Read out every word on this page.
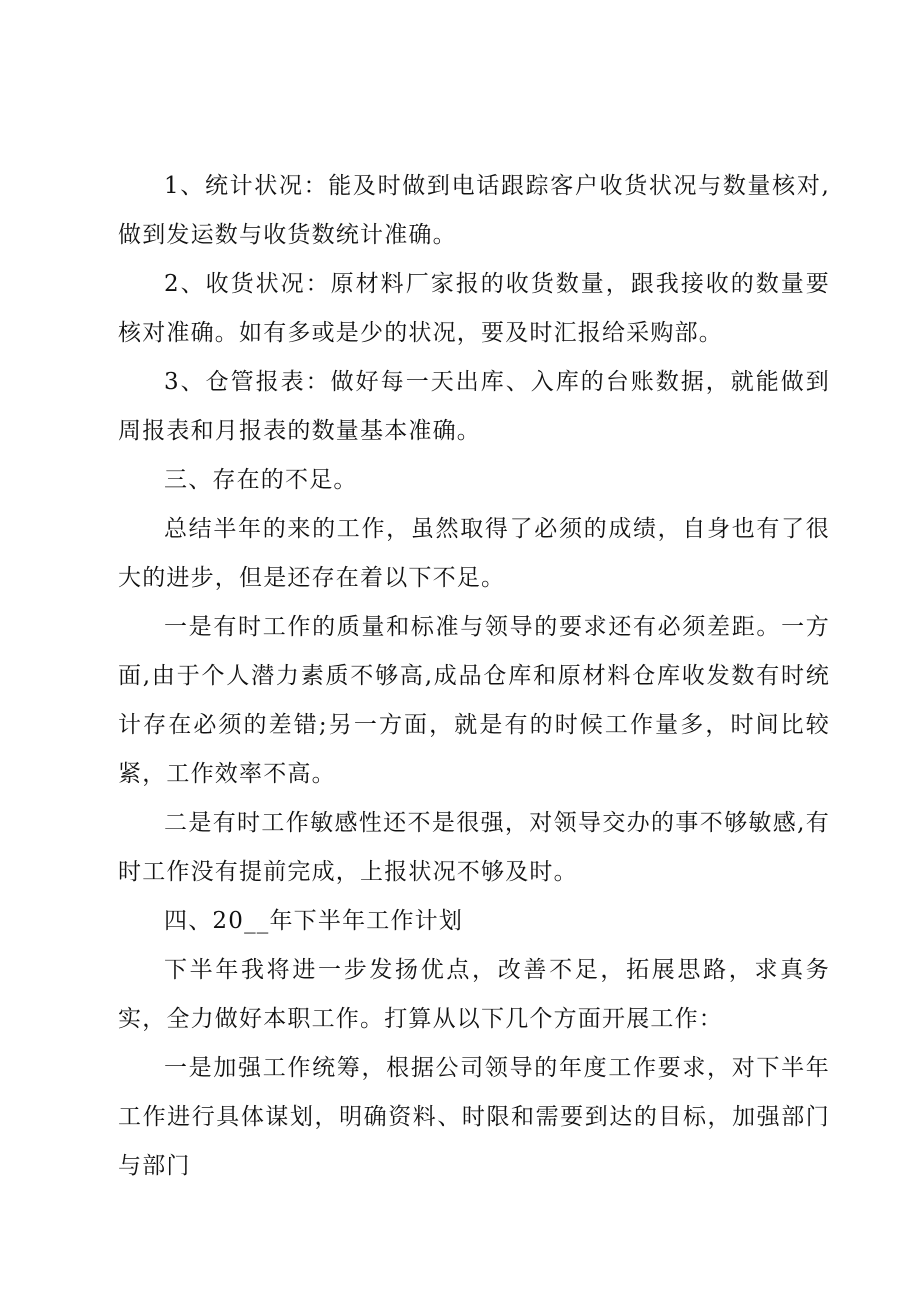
1、统计状况：能及时做到电话跟踪客户收货状况与数量核对,做到发运数与收货数统计准确。

2、收货状况：原材料厂家报的收货数量，跟我接收的数量要核对准确。如有多或是少的状况，要及时汇报给采购部。

3、仓管报表：做好每一天出库、入库的台账数据，就能做到周报表和月报表的数量基本准确。

三、存在的不足。

总结半年的来的工作，虽然取得了必须的成绩，自身也有了很大的进步，但是还存在着以下不足。

一是有时工作的质量和标准与领导的要求还有必须差距。一方面,由于个人潜力素质不够高,成品仓库和原材料仓库收发数有时统计存在必须的差错;另一方面，就是有的时候工作量多，时间比较紧，工作效率不高。

二是有时工作敏感性还不是很强，对领导交办的事不够敏感,有时工作没有提前完成，上报状况不够及时。

四、20__年下半年工作计划

下半年我将进一步发扬优点，改善不足，拓展思路，求真务实，全力做好本职工作。打算从以下几个方面开展工作：

一是加强工作统筹，根据公司领导的年度工作要求，对下半年工作进行具体谋划，明确资料、时限和需要到达的目标，加强部门与部门
